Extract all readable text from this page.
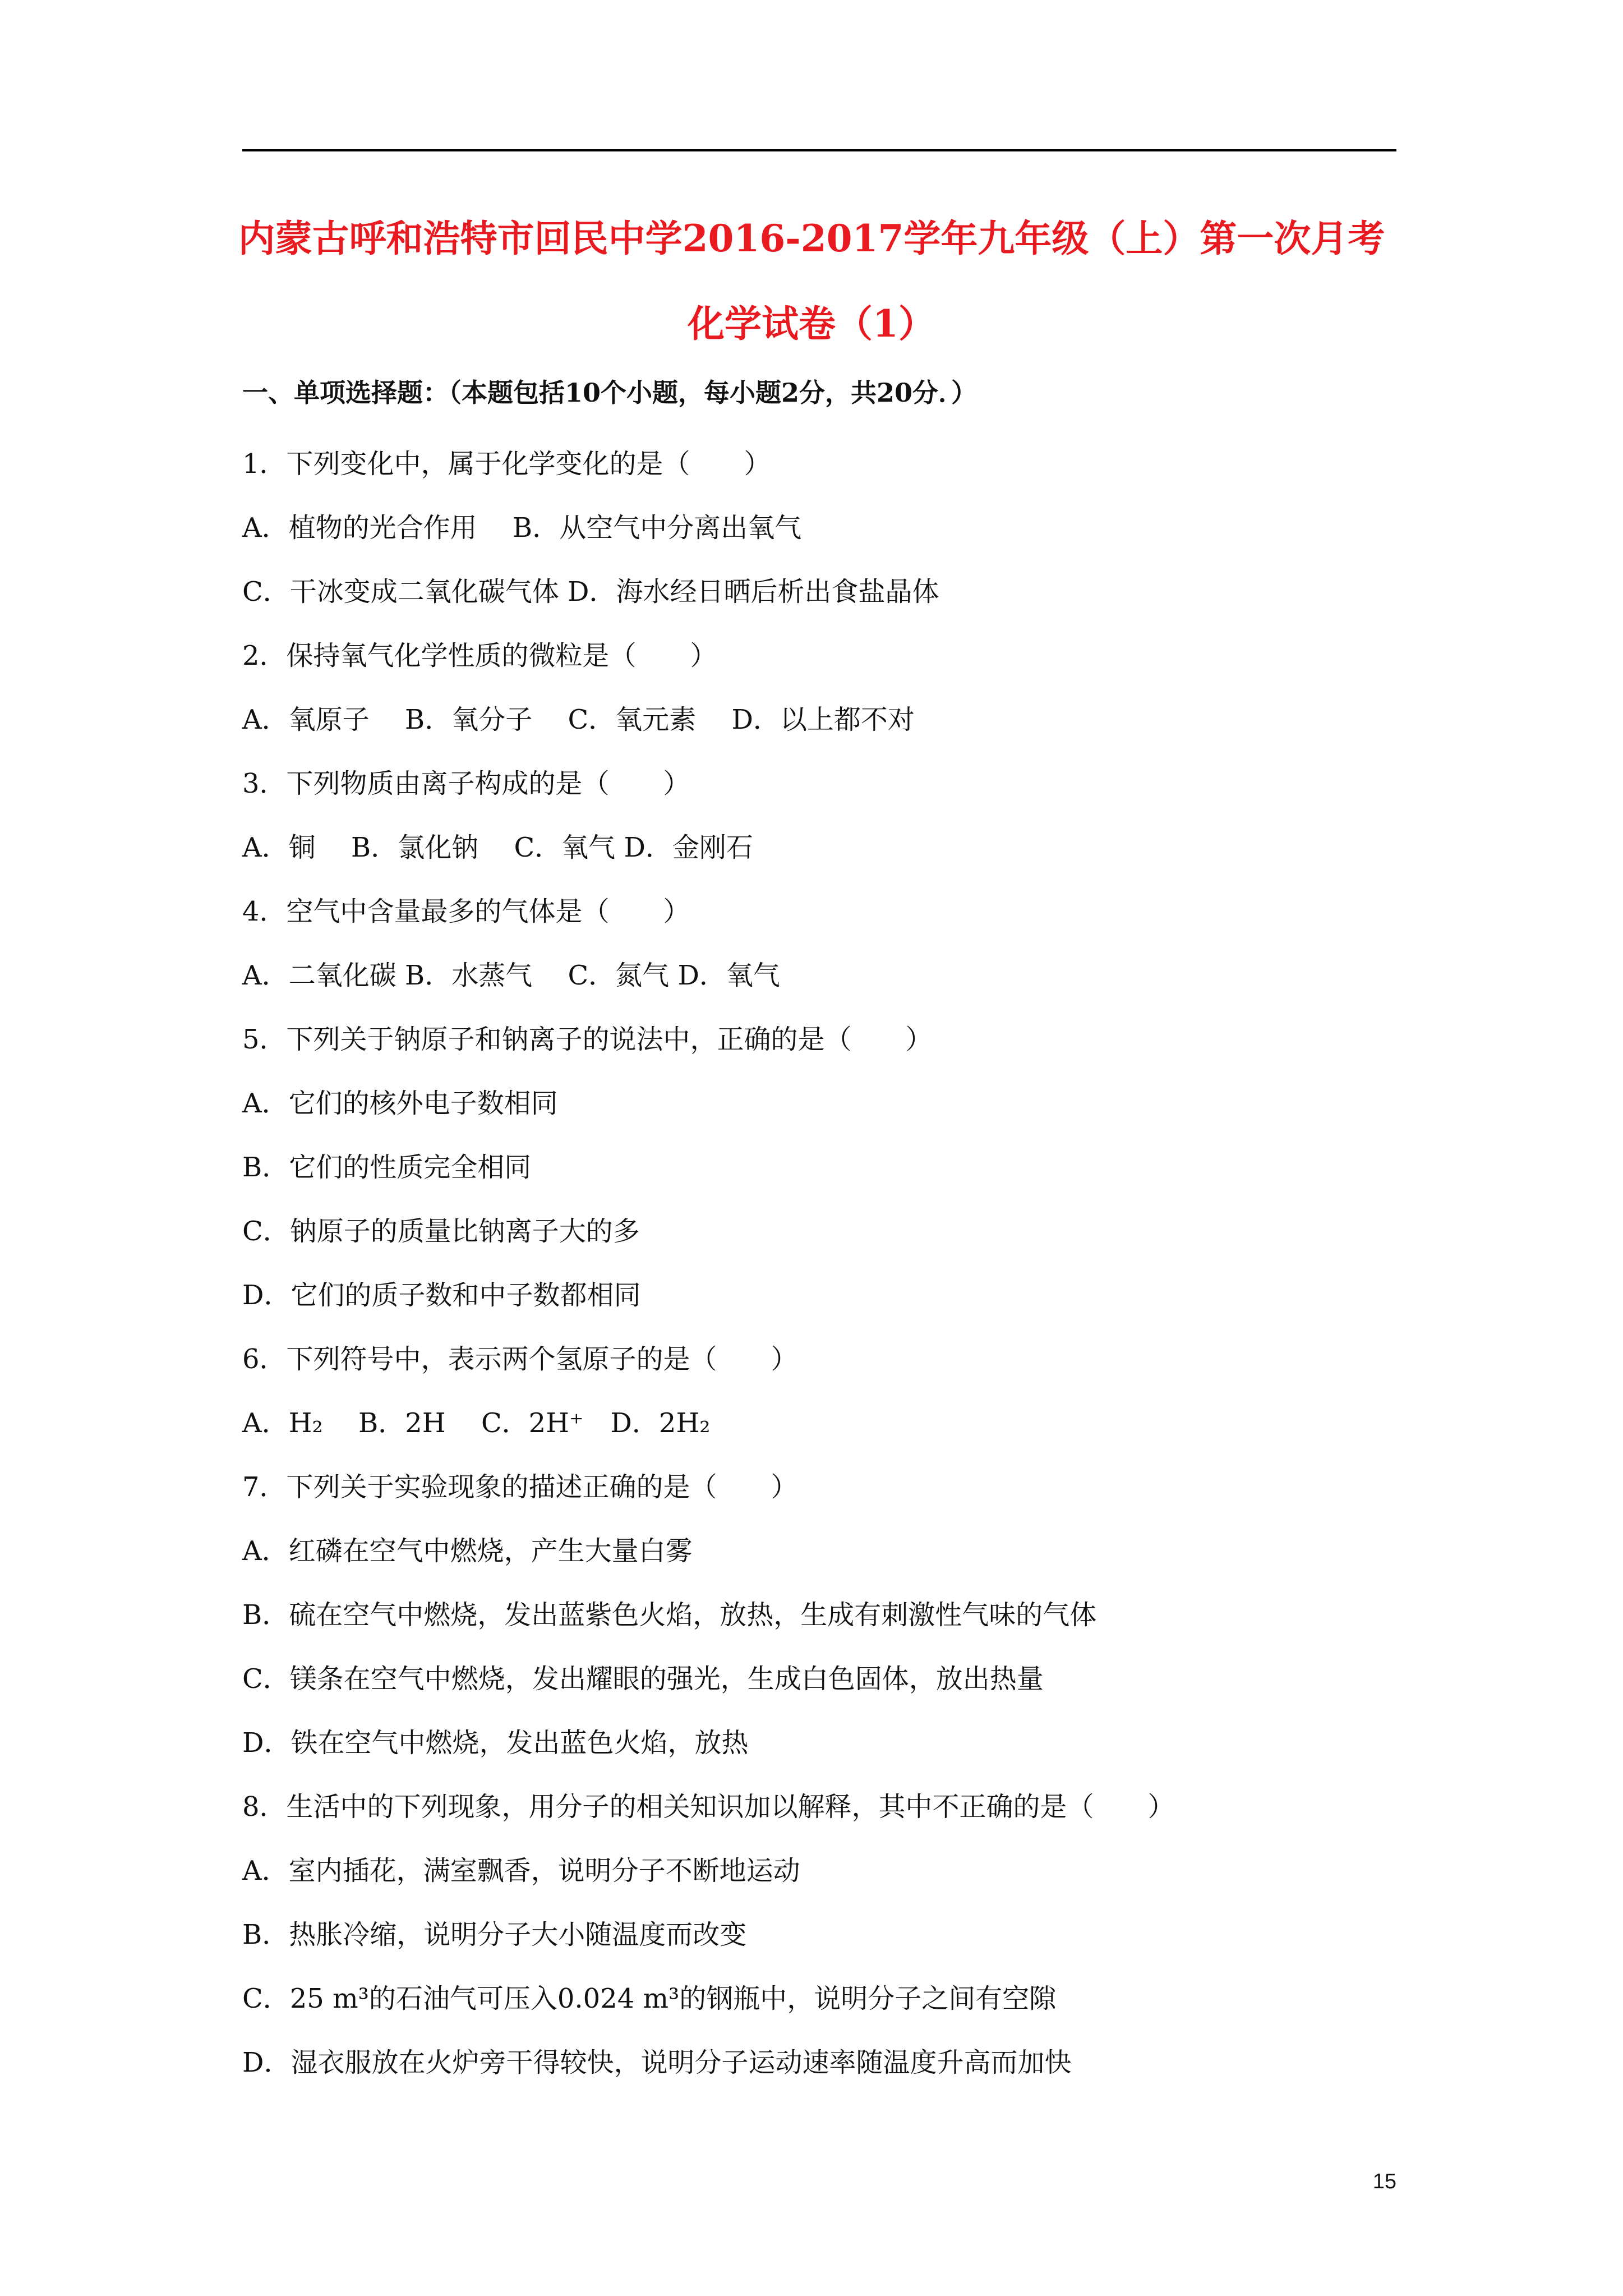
内蒙古呼和浩特市回民中学2016-2017学年九年级（上）第一次月考
化学试卷（1）
一、单项选择题：（本题包括10个小题，每小题2分，共20分．）
1．下列变化中，属于化学变化的是（　　）
A．植物的光合作用　 B．从空气中分离出氧气
C．干冰变成二氧化碳气体 D．海水经日晒后析出食盐晶体
2．保持氧气化学性质的微粒是（　　）
A．氧原子　 B．氧分子　 C．氧元素　 D．以上都不对
3．下列物质由离子构成的是（　　）
A．铜　 B．氯化钠　 C．氧气 D．金刚石
4．空气中含量最多的气体是（　　）
A．二氧化碳 B．水蒸气　 C．氮气 D．氧气
5．下列关于钠原子和钠离子的说法中，正确的是（　　）
A．它们的核外电子数相同
B．它们的性质完全相同
C．钠原子的质量比钠离子大的多
D．它们的质子数和中子数都相同
6．下列符号中，表示两个氢原子的是（　　）
A．H₂　 B．2H　 C．2H⁺　D．2H₂
7．下列关于实验现象的描述正确的是（　　）
A．红磷在空气中燃烧，产生大量白雾
B．硫在空气中燃烧，发出蓝紫色火焰，放热，生成有刺激性气味的气体
C．镁条在空气中燃烧，发出耀眼的强光，生成白色固体，放出热量
D．铁在空气中燃烧，发出蓝色火焰，放热
8．生活中的下列现象，用分子的相关知识加以解释，其中不正确的是（　　）
A．室内插花，满室飘香，说明分子不断地运动
B．热胀冷缩，说明分子大小随温度而改变
C．25 m³的石油气可压入0.024 m³的钢瓶中，说明分子之间有空隙
D．湿衣服放在火炉旁干得较快，说明分子运动速率随温度升高而加快
15
